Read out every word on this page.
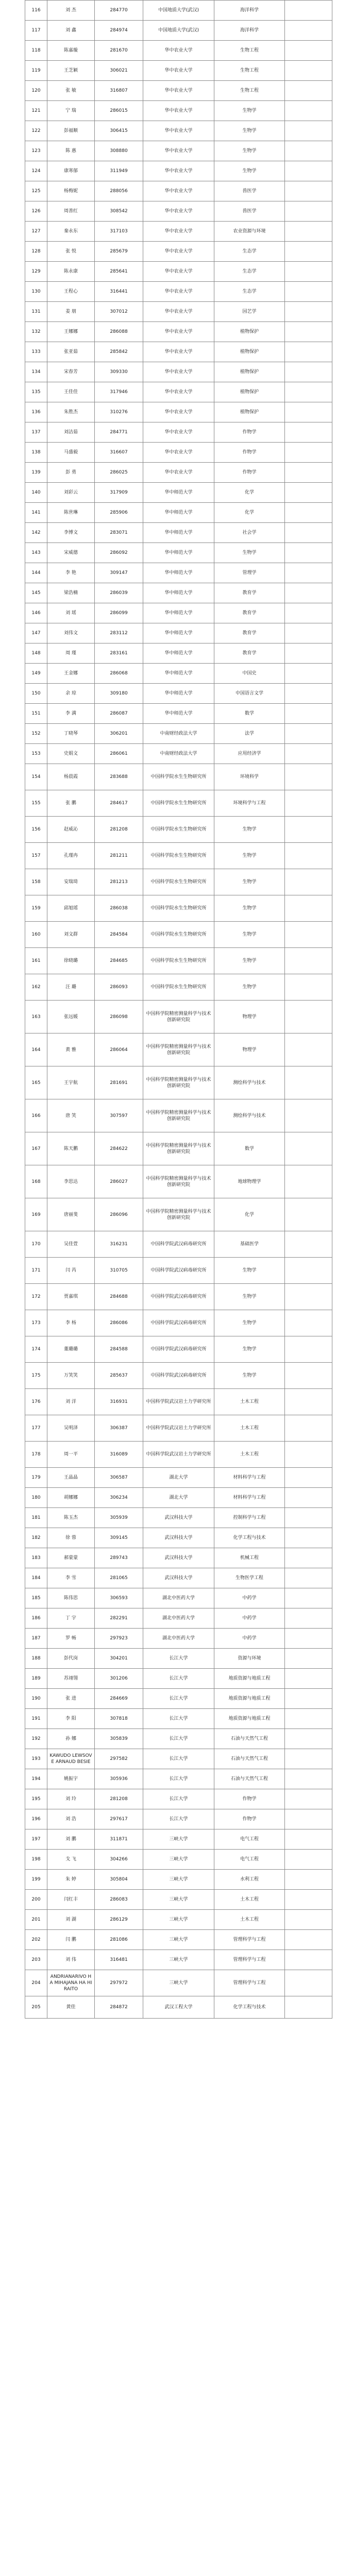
116	刘 杰	284770	中国地质大学(武汉)	海洋科学	
117	刘 鑫	284974	中国地质大学(武汉)	海洋科学	
118	陈嘉璇	281670	华中农业大学	生物工程	
119	王芝颖	306021	华中农业大学	生物工程	
120	张 敏	316807	华中农业大学	生物工程	
121	宁 瑞	286015	华中农业大学	生物学	
122	彭福顺	306415	华中农业大学	生物学	
123	陈 惠	308880	华中农业大学	生物学	
124	康寒郁	311949	华中农业大学	生物学	
125	杨梅妮	288056	华中农业大学	兽医学	
126	周善红	308542	华中农业大学	兽医学	
127	秦永东	317103	华中农业大学	农业资源与环境	
128	张 悦	285679	华中农业大学	生态学	
129	陈永康	285641	华中农业大学	生态学	
130	王程心	316441	华中农业大学	生态学	
131	姜 朋	307012	华中农业大学	园艺学	
132	王娜娜	286088	华中农业大学	植物保护	
133	张亚茹	285842	华中农业大学	植物保护	
134	宋春芳	309330	华中农业大学	植物保护	
135	王佳佳	317946	华中农业大学	植物保护	
136	朱胜杰	310276	华中农业大学	植物保护	
137	刘洁茹	284771	华中农业大学	作物学	
138	马盛毅	316607	华中农业大学	作物学	
139	彭 勇	286025	华中农业大学	作物学	
140	刘彩云	317909	华中师范大学	化学	
141	陈世琳	285906	华中师范大学	化学	
142	李博文	283071	华中师范大学	社会学	
143	宋威德	286092	华中师范大学	生物学	
144	李 艳	309147	华中师范大学	管理学	
145	梁浩楠	286039	华中师范大学	教育学	
146	刘 瑶	286099	华中师范大学	教育学	
147	刘伟文	283112	华中师范大学	教育学	
148	周 瑾	283161	华中师范大学	教育学	
149	王金娜	286068	华中师范大学	中国史	
150	余 琼	309180	华中师范大学	中国语言文学	
151	李 满	286087	华中师范大学	数学	
152	丁晓琴	306201	中南财经政法大学	法学	
153	史娟文	286061	中南财经政法大学	应用经济学	
154	杨晨霞	283688	中国科学院水生生物研究所	环境科学	
155	张 鹏	284617	中国科学院水生生物研究所	环境科学与工程	
156	赵威沁	281208	中国科学院水生生物研究所	生物学	
157	孔瑾冉	281211	中国科学院水生生物研究所	生物学	
158	安瑞琦	281213	中国科学院水生生物研究所	生物学	
159	邱旭瑶	286038	中国科学院水生生物研究所	生物学	
160	刘文群	284584	中国科学院水生生物研究所	生物学	
161	徐晓璐	284685	中国科学院水生生物研究所	生物学	
162	汪 璐	286093	中国科学院水生生物研究所	生物学	
163	张远媛	286098	中国科学院精密测量科学与技术创新研究院	物理学	
164	黄 雅	286064	中国科学院精密测量科学与技术创新研究院	物理学	
165	王宇航	281691	中国科学院精密测量科学与技术创新研究院	测绘科学与技术	
166	唐 笑	307597	中国科学院精密测量科学与技术创新研究院	测绘科学与技术	
167	陈天鹏	284622	中国科学院精密测量科学与技术创新研究院	数学	
168	李思达	286027	中国科学院精密测量科学与技术创新研究院	地球物理学	
169	唐丽斐	286096	中国科学院精密测量科学与技术创新研究院	化学	
170	吴佳萱	316231	中国科学院武汉病毒研究所	基础医学	
171	闫 芮	310705	中国科学院武汉病毒研究所	生物学	
172	贾嘉琪	284688	中国科学院武汉病毒研究所	生物学	
173	李 杨	286086	中国科学院武汉病毒研究所	生物学	
174	董璐璐	284588	中国科学院武汉病毒研究所	生物学	
175	万笑笑	285637	中国科学院武汉病毒研究所	生物学	
176	刘 洋	316931	中国科学院武汉岩土力学研究所	土木工程	
177	吴明泽	306387	中国科学院武汉岩土力学研究所	土木工程	
178	周一平	316089	中国科学院武汉岩土力学研究所	土木工程	
179	王晶晶	306587	湖北大学	材料科学与工程	
180	胡娜娜	306234	湖北大学	材料科学与工程	
181	陈玉杰	305939	武汉科技大学	控制科学与工程	
182	徐 蓉	309145	武汉科技大学	化学工程与技术	
183	郝蒙蒙	289743	武汉科技大学	机械工程	
184	李 雪	281065	武汉科技大学	生物医学工程	
185	陈伟思	306593	湖北中医药大学	中药学	
186	丁 宇	282291	湖北中医药大学	中药学	
187	罗 畅	297923	湖北中医药大学	中药学	
188	彭代岗	304201	长江大学	资源与环境	
189	苏翊翎	301206	长江大学	地质资源与地质工程	
190	张 进	284669	长江大学	地质资源与地质工程	
191	李 阳	307818	长江大学	地质资源与地质工程	
192	孙 娜	305839	长江大学	石油与天然气工程	
193	KAWUDO LEWSOVE ARNAUD BESIE	297582	长江大学	石油与天然气工程	
194	姚振宇	305936	长江大学	石油与天然气工程	
195	刘 玲	281208	长江大学	作物学	
196	刘 浩	297617	长江大学	作物学	
197	刘 鹏	311871	三峡大学	电气工程	
198	戈 飞	304266	三峡大学	电气工程	
199	朱 婷	305804	三峡大学	水利工程	
200	闫红丰	286083	三峡大学	土木工程	
201	刘 湖	286129	三峡大学	土木工程	
202	闫 鹏	281086	三峡大学	管理科学与工程	
203	刘 伟	316481	三峡大学	管理科学与工程	
204	ANDRIANARIVO HA MIHAJANA HA HIRAITO	297972	三峡大学	管理科学与工程	
205	黄佳	284872	武汉工程大学	化学工程与技术	
